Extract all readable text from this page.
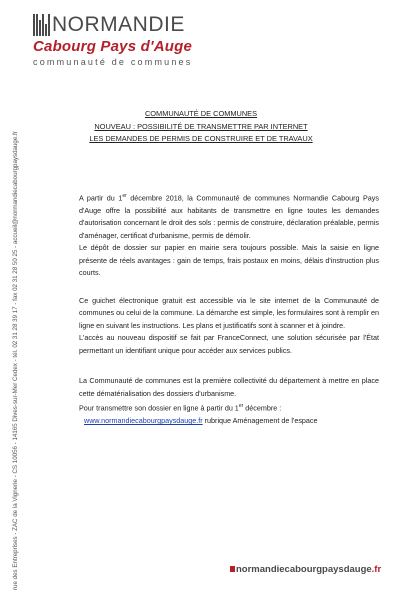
NORMANDIE
Cabourg Pays d'Auge
communauté de communes
rue des Entreprises - ZAC de la Vignerie - CS 10056 - 14165 Dives-sur-Mer Cedex - tél. 02 31 28 39 17 - fax 02 31 28 50 25 - accueil@normandiecabourgpaysdauge.fr
COMMUNAUTÉ DE COMMUNES
NOUVEAU : POSSIBILITÉ DE TRANSMETTRE PAR INTERNET
LES DEMANDES DE PERMIS DE CONSTRUIRE ET DE TRAVAUX

A partir du 1er décembre 2018, la Communauté de communes Normandie Cabourg Pays d'Auge offre la possibilité aux habitants de transmettre en ligne toutes les demandes d'autorisation concernant le droit des sols : permis de construire, déclaration préalable, permis d'aménager, certificat d'urbanisme, permis de démolir.

Le dépôt de dossier sur papier en mairie sera toujours possible. Mais la saisie en ligne présente de réels avantages : gain de temps, frais postaux en moins, délais d'instruction plus courts.

Ce guichet électronique gratuit est accessible via le site internet de la Communauté de communes ou celui de la commune. La démarche est simple, les formulaires sont à remplir en ligne en suivant les instructions. Les plans et justificatifs sont à scanner et à joindre.

L'accès au nouveau dispositif se fait par FranceConnect, une solution sécurisée par l'État permettant un identifiant unique pour accéder aux services publics.

La Communauté de communes est la première collectivité du département à mettre en place cette dématérialisation des dossiers d'urbanisme.

Pour transmettre son dossier en ligne à partir du 1er décembre :

www.normandiecabourgpaysdauge.fr rubrique Aménagement de l'espace

normandiecabourgpaysdauge.fr
